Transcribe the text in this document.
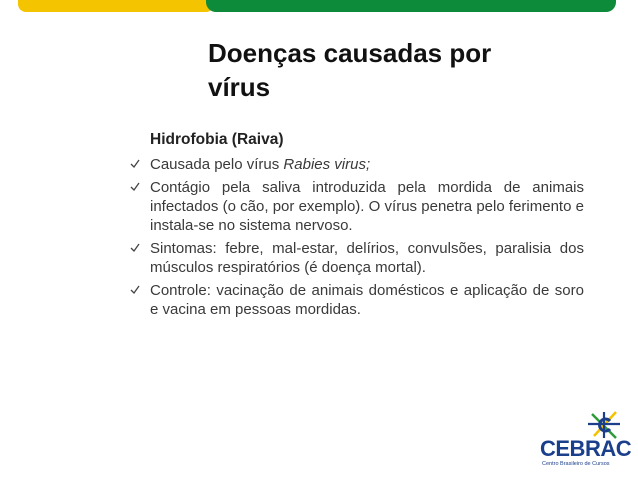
Doenças causadas por
vírus

Hidrofobia (Raiva)

Causada pelo vírus Rabies virus;
Contágio pela saliva introduzida pela mordida de animais infectados (o cão, por exemplo). O vírus penetra pelo ferimento e instala-se no sistema nervoso.
Sintomas: febre, mal-estar, delírios, convulsões, paralisia dos músculos respiratórios (é doença mortal).
Controle: vacinação de animais domésticos e aplicação de soro e vacina em pessoas mordidas.
CEBRAC
Centro Brasileiro de Cursos
